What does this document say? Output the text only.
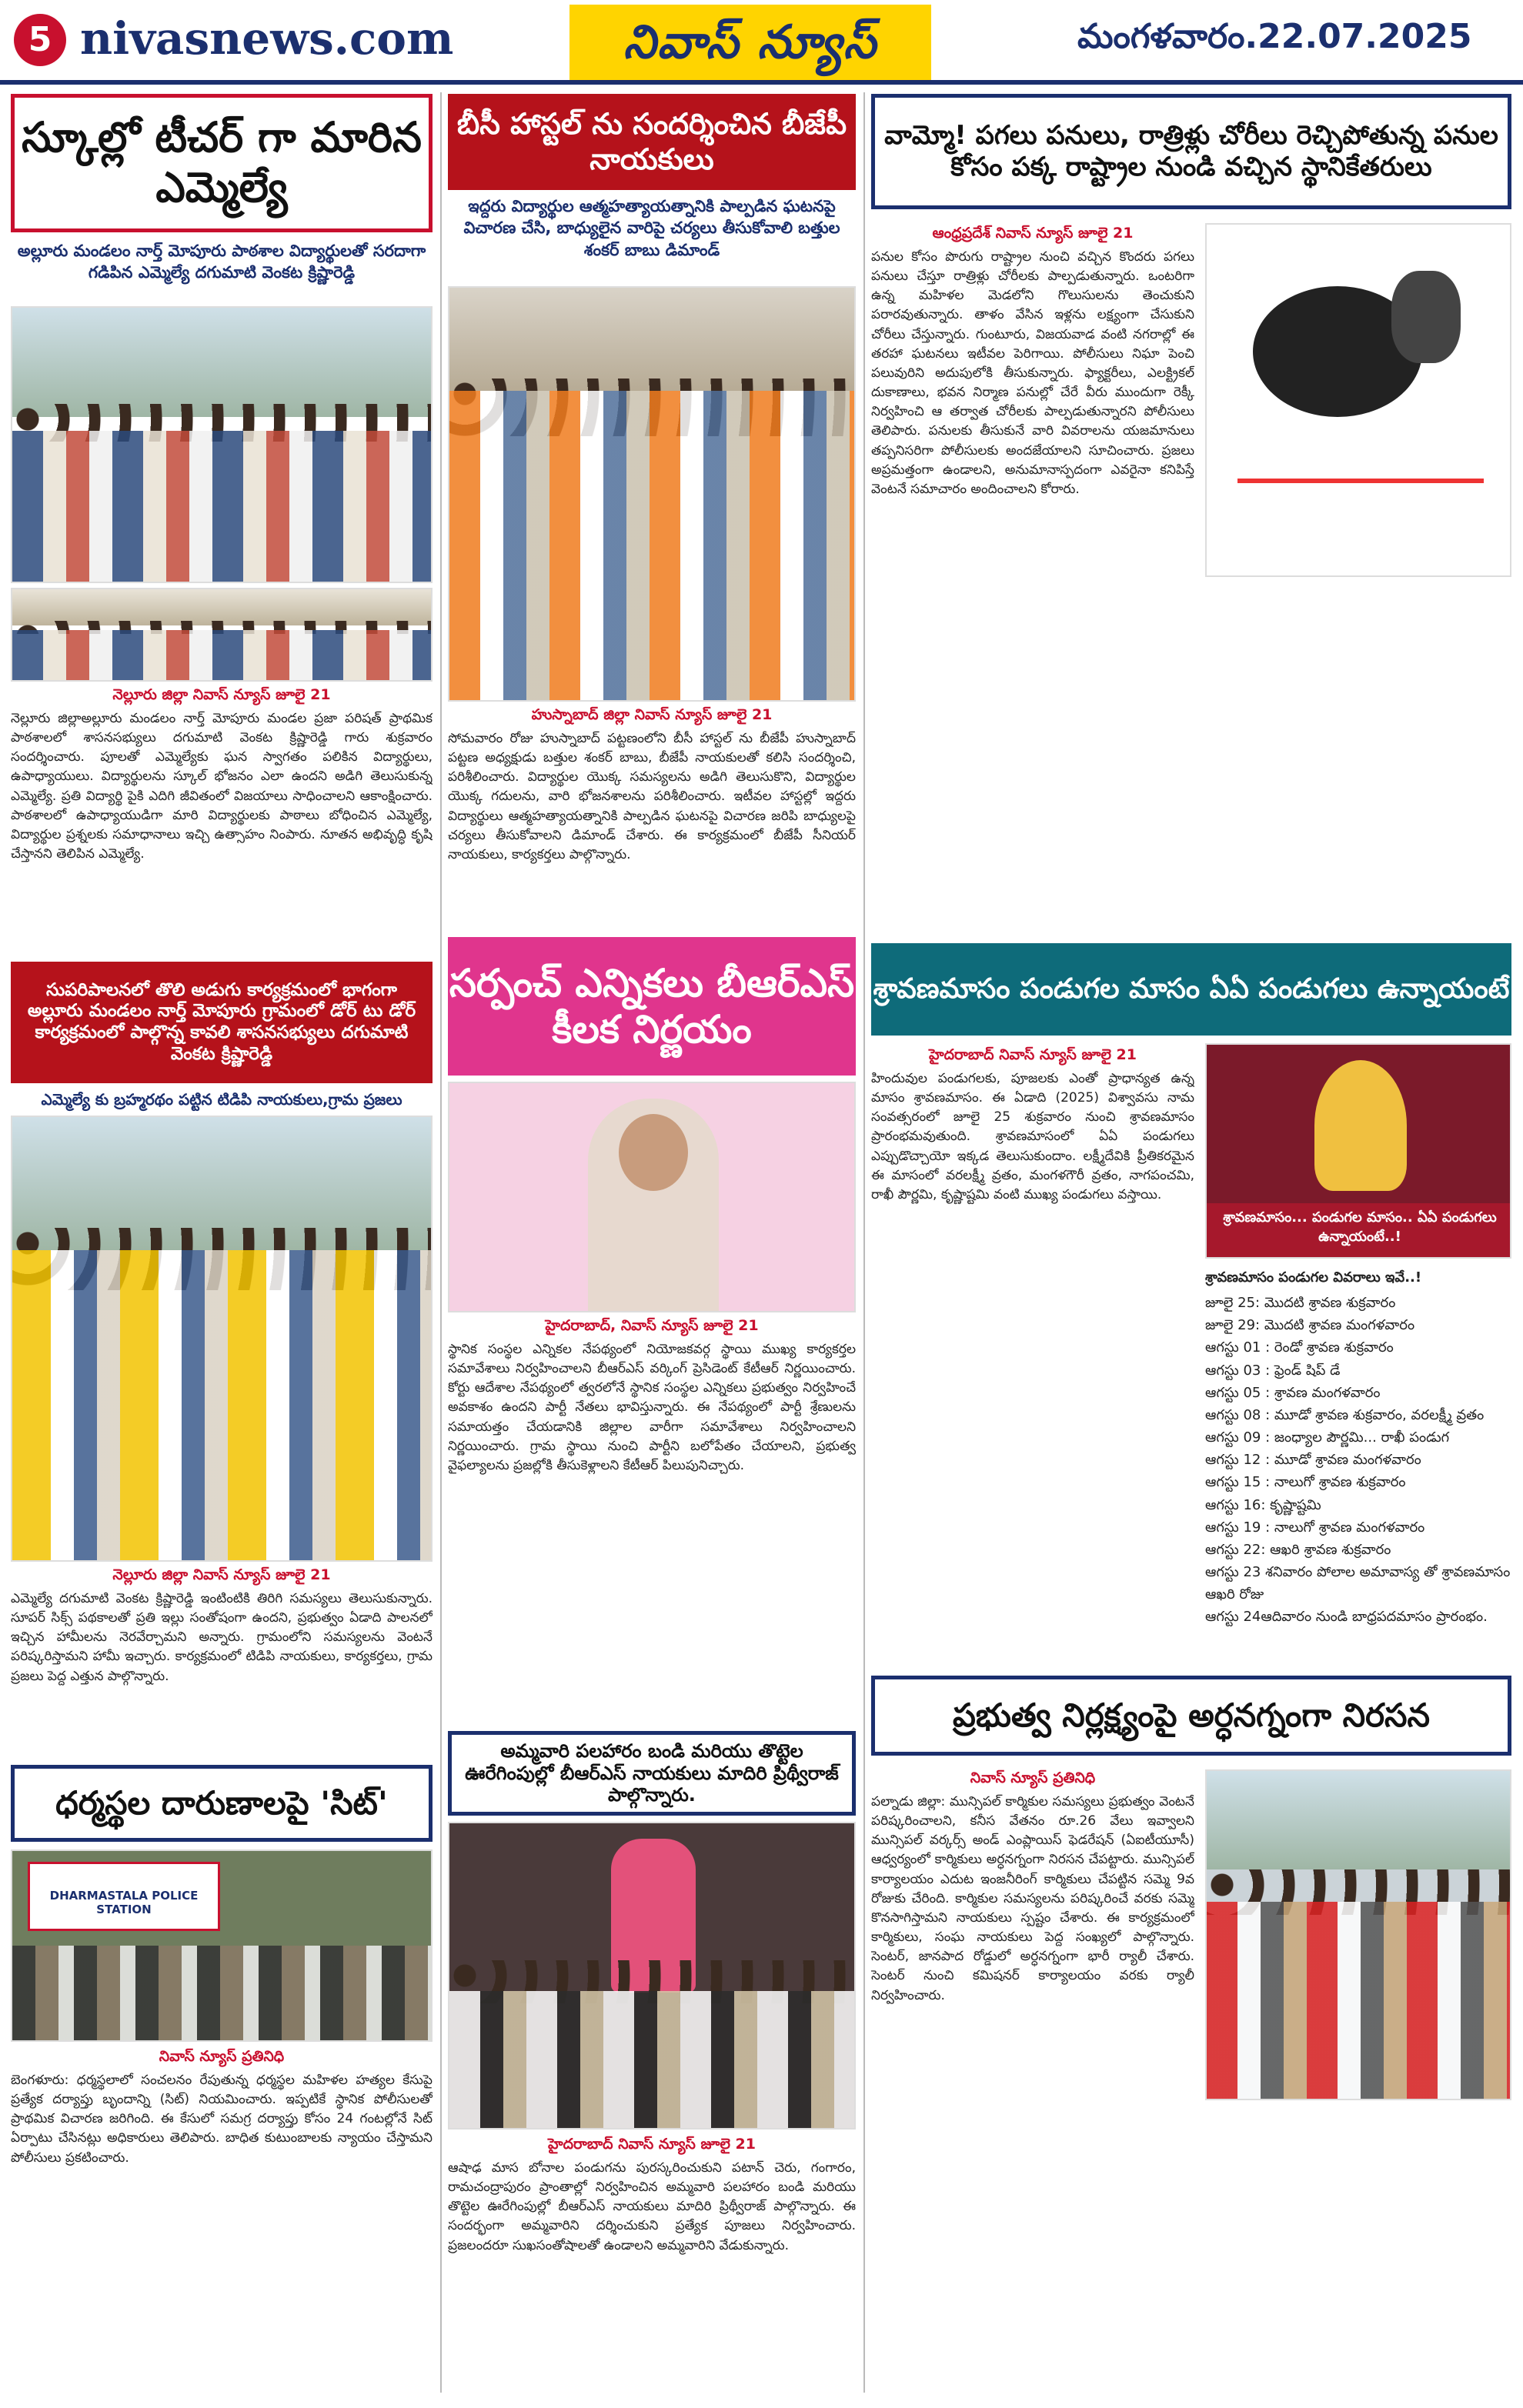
5 nivasnews.com	నివాస్ న్యూస్	మంగళవారం.22.07.2025
స్కూల్లో టీచర్ గా మారిన ఎమ్మెల్యే
అల్లూరు మండలం నార్త్ మోపూరు పాఠశాల విద్యార్థులతో సరదాగా గడిపిన ఎమ్మెల్యే దగుమాటి వెంకట క్రిష్ణారెడ్డి
నెల్లూరు జిల్లా నివాస్ న్యూస్ జూలై 21
నెల్లూరు జిల్లాఅల్లూరు మండలం నార్త్ మోపూరు మండల ప్రజా పరిషత్ ప్రాథమిక పాఠశాలలో శాసనసభ్యులు దగుమాటి వెంకట క్రిష్ణారెడ్డి గారు శుక్రవారం సందర్శించారు. పూలతో ఎమ్మెల్యేకు ఘన స్వాగతం పలికిన విద్యార్థులు, ఉపాధ్యాయులు. విద్యార్థులను స్కూల్ భోజనం ఎలా ఉందని అడిగి తెలుసుకున్న ఎమ్మెల్యే. ప్రతి విద్యార్థి పైకి ఎదిగి జీవితంలో విజయాలు సాధించాలని ఆకాంక్షించారు. పాఠశాలలో ఉపాధ్యాయుడిగా మారి విద్యార్థులకు పాఠాలు బోధించిన ఎమ్మెల్యే, విద్యార్థుల ప్రశ్నలకు సమాధానాలు ఇచ్చి ఉత్సాహం నింపారు. నూతన అభివృద్ధి కృషి చేస్తానని తెలిపిన ఎమ్మెల్యే.
సుపరిపాలనలో తొలి అడుగు కార్యక్రమంలో భాగంగా అల్లూరు మండలం నార్త్ మోపూరు గ్రామంలో డోర్ టు డోర్ కార్యక్రమంలో పాల్గొన్న కావలి శాసనసభ్యులు దగుమాటి వెంకట క్రిష్ణారెడ్డి
ఎమ్మెల్యే కు బ్రహ్మరథం పట్టిన టిడిపి నాయకులు,గ్రామ ప్రజలు
నెల్లూరు జిల్లా నివాస్ న్యూస్ జూలై 21
ఎమ్మెల్యే దగుమాటి వెంకట క్రిష్ణారెడ్డి ఇంటింటికి తిరిగి సమస్యలు తెలుసుకున్నారు. సూపర్ సిక్స్ పథకాలతో ప్రతి ఇల్లు సంతోషంగా ఉందని, ప్రభుత్వం ఏడాది పాలనలో ఇచ్చిన హామీలను నెరవేర్చామని అన్నారు. గ్రామంలోని సమస్యలను వెంటనే పరిష్కరిస్తామని హామీ ఇచ్చారు. కార్యక్రమంలో టిడిపి నాయకులు, కార్యకర్తలు, గ్రామ ప్రజలు పెద్ద ఎత్తున పాల్గొన్నారు.
ధర్మస్థల దారుణాలపై 'సిట్'
DHARMASTALA POLICE STATION
నివాస్ న్యూస్ ప్రతినిధి
బెంగళూరు: ధర్మస్థలాలో సంచలనం రేపుతున్న ధర్మస్థల మహిళల హత్యల కేసుపై ప్రత్యేక దర్యాప్తు బృందాన్ని (సిట్) నియమించారు. ఇప్పటికే స్థానిక పోలీసులతో ప్రాథమిక విచారణ జరిగింది. ఈ కేసులో సమగ్ర దర్యాప్తు కోసం 24 గంటల్లోనే సిట్ ఏర్పాటు చేసినట్లు అధికారులు తెలిపారు. బాధిత కుటుంబాలకు న్యాయం చేస్తామని పోలీసులు ప్రకటించారు.
బీసీ హాస్టల్ ను సందర్శించిన బీజేపీ నాయకులు
ఇద్దరు విద్యార్థుల ఆత్మహత్యాయత్నానికి పాల్పడిన ఘటనపై విచారణ చేసి, బాధ్యులైన వారిపై చర్యలు తీసుకోవాలి బత్తుల శంకర్ బాబు డిమాండ్
హుస్నాబాద్ జిల్లా నివాస్ న్యూస్ జూలై 21
సోమవారం రోజు హుస్నాబాద్ పట్టణంలోని బీసీ హాస్టల్ ను బీజేపీ హుస్నాబాద్ పట్టణ అధ్యక్షుడు బత్తుల శంకర్ బాబు, బీజేపీ నాయకులతో కలిసి సందర్శించి, పరిశీలించారు. విద్యార్థుల యొక్క సమస్యలను అడిగి తెలుసుకొని, విద్యార్థుల యొక్క గదులను, వారి భోజనశాలను పరిశీలించారు. ఇటీవల హాస్టల్లో ఇద్దరు విద్యార్థులు ఆత్మహత్యాయత్నానికి పాల్పడిన ఘటనపై విచారణ జరిపి బాధ్యులపై చర్యలు తీసుకోవాలని డిమాండ్ చేశారు. ఈ కార్యక్రమంలో బీజేపీ సీనియర్ నాయకులు, కార్యకర్తలు పాల్గొన్నారు.
సర్పంచ్ ఎన్నికలు బీఆర్ఎస్ కీలక నిర్ణయం
హైదరాబాద్, నివాస్ న్యూస్ జూలై 21
స్థానిక సంస్థల ఎన్నికల నేపథ్యంలో నియోజకవర్గ స్థాయి ముఖ్య కార్యకర్తల సమావేశాలు నిర్వహించాలని బీఆర్ఎస్ వర్కింగ్ ప్రెసిడెంట్ కేటీఆర్ నిర్ణయించారు. కోర్టు ఆదేశాల నేపథ్యంలో త్వరలోనే స్థానిక సంస్థల ఎన్నికలు ప్రభుత్వం నిర్వహించే అవకాశం ఉందని పార్టీ నేతలు భావిస్తున్నారు. ఈ నేపథ్యంలో పార్టీ శ్రేణులను సమాయత్తం చేయడానికి జిల్లాల వారీగా సమావేశాలు నిర్వహించాలని నిర్ణయించారు. గ్రామ స్థాయి నుంచి పార్టీని బలోపేతం చేయాలని, ప్రభుత్వ వైఫల్యాలను ప్రజల్లోకి తీసుకెళ్లాలని కేటీఆర్ పిలుపునిచ్చారు.
అమ్మవారి పలహారం బండి మరియు తొట్టెల ఊరేగింపుల్లో బీఆర్ఎస్ నాయకులు మాదిరి ప్రిథ్వీరాజ్ పాల్గొన్నారు.
హైదరాబాద్ నివాస్ న్యూస్ జూలై 21
ఆషాఢ మాస బోనాల పండుగను పురస్కరించుకుని పటాన్ చెరు, గంగారం, రామచంద్రాపురం ప్రాంతాల్లో నిర్వహించిన అమ్మవారి పలహారం బండి మరియు తొట్టెల ఊరేగింపుల్లో బీఆర్ఎస్ నాయకులు మాదిరి ప్రిథ్వీరాజ్ పాల్గొన్నారు. ఈ సందర్భంగా అమ్మవారిని దర్శించుకుని ప్రత్యేక పూజలు నిర్వహించారు. ప్రజలందరూ సుఖసంతోషాలతో ఉండాలని అమ్మవారిని వేడుకున్నారు.
వామ్మో! పగలు పనులు, రాత్రిళ్లు చోరీలు రెచ్చిపోతున్న పనుల కోసం పక్క రాష్ట్రాల నుండి వచ్చిన స్థానికేతరులు
ఆంధ్రప్రదేశ్ నివాస్ న్యూస్ జూలై 21
పనుల కోసం పొరుగు రాష్ట్రాల నుంచి వచ్చిన కొందరు పగలు పనులు చేస్తూ రాత్రిళ్లు చోరీలకు పాల్పడుతున్నారు. ఒంటరిగా ఉన్న మహిళల మెడలోని గొలుసులను తెంచుకుని పరారవుతున్నారు. తాళం వేసిన ఇళ్లను లక్ష్యంగా చేసుకుని చోరీలు చేస్తున్నారు. గుంటూరు, విజయవాడ వంటి నగరాల్లో ఈ తరహా ఘటనలు ఇటీవల పెరిగాయి. పోలీసులు నిఘా పెంచి పలువురిని అదుపులోకి తీసుకున్నారు. ఫ్యాక్టరీలు, ఎలక్ట్రికల్ దుకాణాలు, భవన నిర్మాణ పనుల్లో చేరే వీరు ముందుగా రెక్కీ నిర్వహించి ఆ తర్వాత చోరీలకు పాల్పడుతున్నారని పోలీసులు తెలిపారు. పనులకు తీసుకునే వారి వివరాలను యజమానులు తప్పనిసరిగా పోలీసులకు అందజేయాలని సూచించారు. ప్రజలు అప్రమత్తంగా ఉండాలని, అనుమానాస్పదంగా ఎవరైనా కనిపిస్తే వెంటనే సమాచారం అందించాలని కోరారు.
శ్రావణమాసం పండుగల మాసం ఏఏ పండుగలు ఉన్నాయంటే
హైదరాబాద్ నివాస్ న్యూస్ జూలై 21
హిందువుల పండుగలకు, పూజలకు ఎంతో ప్రాధాన్యత ఉన్న మాసం శ్రావణమాసం. ఈ ఏడాది (2025) విశ్వావసు నామ సంవత్సరంలో జూలై 25 శుక్రవారం నుంచి శ్రావణమాసం ప్రారంభమవుతుంది. శ్రావణమాసంలో ఏఏ పండుగలు ఎప్పుడొచ్చాయో ఇక్కడ తెలుసుకుందాం. లక్ష్మీదేవికి ప్రీతికరమైన ఈ మాసంలో వరలక్ష్మీ వ్రతం, మంగళగౌరీ వ్రతం, నాగపంచమి, రాఖీ పౌర్ణమి, కృష్ణాష్టమి వంటి ముఖ్య పండుగలు వస్తాయి.
శ్రావణమాసం... పండుగల మాసం.. ఏఏ పండుగలు ఉన్నాయంటే..!
శ్రావణమాసం పండుగల వివరాలు ఇవే..!
జూలై 25: మొదటి శ్రావణ శుక్రవారం
జూలై 29: మొదటి శ్రావణ మంగళవారం
ఆగస్టు 01 : రెండో శ్రావణ శుక్రవారం
ఆగస్టు 03 : ఫ్రెండ్ షిప్ డే
ఆగస్టు 05 : శ్రావణ మంగళవారం
ఆగస్టు 08 : మూడో శ్రావణ శుక్రవారం, వరలక్ష్మీ వ్రతం
ఆగస్టు 09 : జంధ్యాల పౌర్ణమి... రాఖీ పండుగ
ఆగస్టు 12 : మూడో శ్రావణ మంగళవారం
ఆగస్టు 15 : నాలుగో శ్రావణ శుక్రవారం
ఆగస్టు 16: కృష్ణాష్టమి
ఆగస్టు 19 : నాలుగో శ్రావణ మంగళవారం
ఆగస్టు 22: ఆఖరి శ్రావణ శుక్రవారం
ఆగస్టు 23 శనివారం పోలాల అమావాస్య తో శ్రావణమాసం ఆఖరి రోజు
ఆగస్టు 24ఆదివారం నుండి బాధ్రపదమాసం ప్రారంభం.
ప్రభుత్వ నిర్లక్ష్యంపై అర్ధనగ్నంగా నిరసన
నివాస్ న్యూస్ ప్రతినిధి
పల్నాడు జిల్లా: మున్సిపల్ కార్మికుల సమస్యలు ప్రభుత్వం వెంటనే పరిష్కరించాలని, కనీస వేతనం రూ.26 వేలు ఇవ్వాలని మున్సిపల్ వర్కర్స్ అండ్ ఎంప్లాయిస్ ఫెడరేషన్ (ఏఐటీయూసీ) ఆధ్వర్యంలో కార్మికులు అర్ధనగ్నంగా నిరసన చేపట్టారు. మున్సిపల్ కార్యాలయం ఎదుట ఇంజనీరింగ్ కార్మికులు చేపట్టిన సమ్మె 9వ రోజుకు చేరింది. కార్మికుల సమస్యలను పరిష్కరించే వరకు సమ్మె కొనసాగిస్తామని నాయకులు స్పష్టం చేశారు. ఈ కార్యక్రమంలో కార్మికులు, సంఘ నాయకులు పెద్ద సంఖ్యలో పాల్గొన్నారు. సెంటర్, జానపాద రోడ్డులో అర్ధనగ్నంగా భారీ ర్యాలీ చేశారు. సెంటర్ నుంచి కమిషనర్ కార్యాలయం వరకు ర్యాలీ నిర్వహించారు.
